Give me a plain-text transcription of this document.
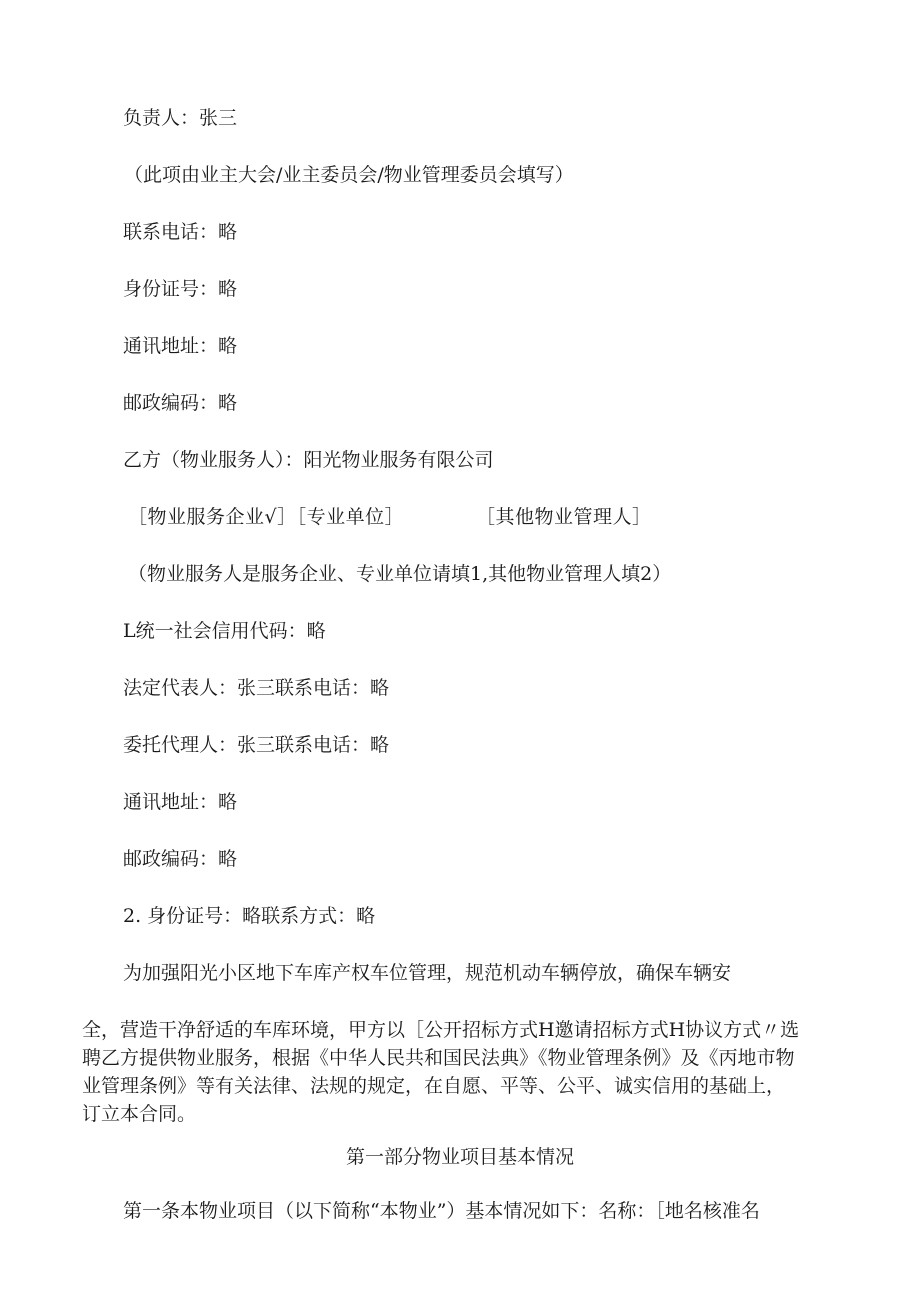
负责人：张三

（此项由业主大会/业主委员会/物业管理委员会填写）

联系电话：略

身份证号：略

通讯地址：略

邮政编码：略

乙方（物业服务人）：阳光物业服务有限公司

［物业服务企业√］［专业单位］	［其他物业管理人］

（物业服务人是服务企业、专业单位请填1,其他物业管理人填2）

L统一社会信用代码：略

法定代表人：张三联系电话：略

委托代理人：张三联系电话：略

通讯地址：略

邮政编码：略

2. 身份证号：略联系方式：略

为加强阳光小区地下车库产权车位管理，规范机动车辆停放，确保车辆安

全，营造干净舒适的车库环境，甲方以［公开招标方式H邀请招标方式H协议方式〃选
聘乙方提供物业服务，根据《中华人民共和国民法典》《物业管理条例》及《丙地市物
业管理条例》等有关法律、法规的规定，在自愿、平等、公平、诚实信用的基础上，
订立本合同。

第一部分物业项目基本情况

第一条本物业项目（以下简称“本物业”）基本情况如下：名称：［地名核准名
